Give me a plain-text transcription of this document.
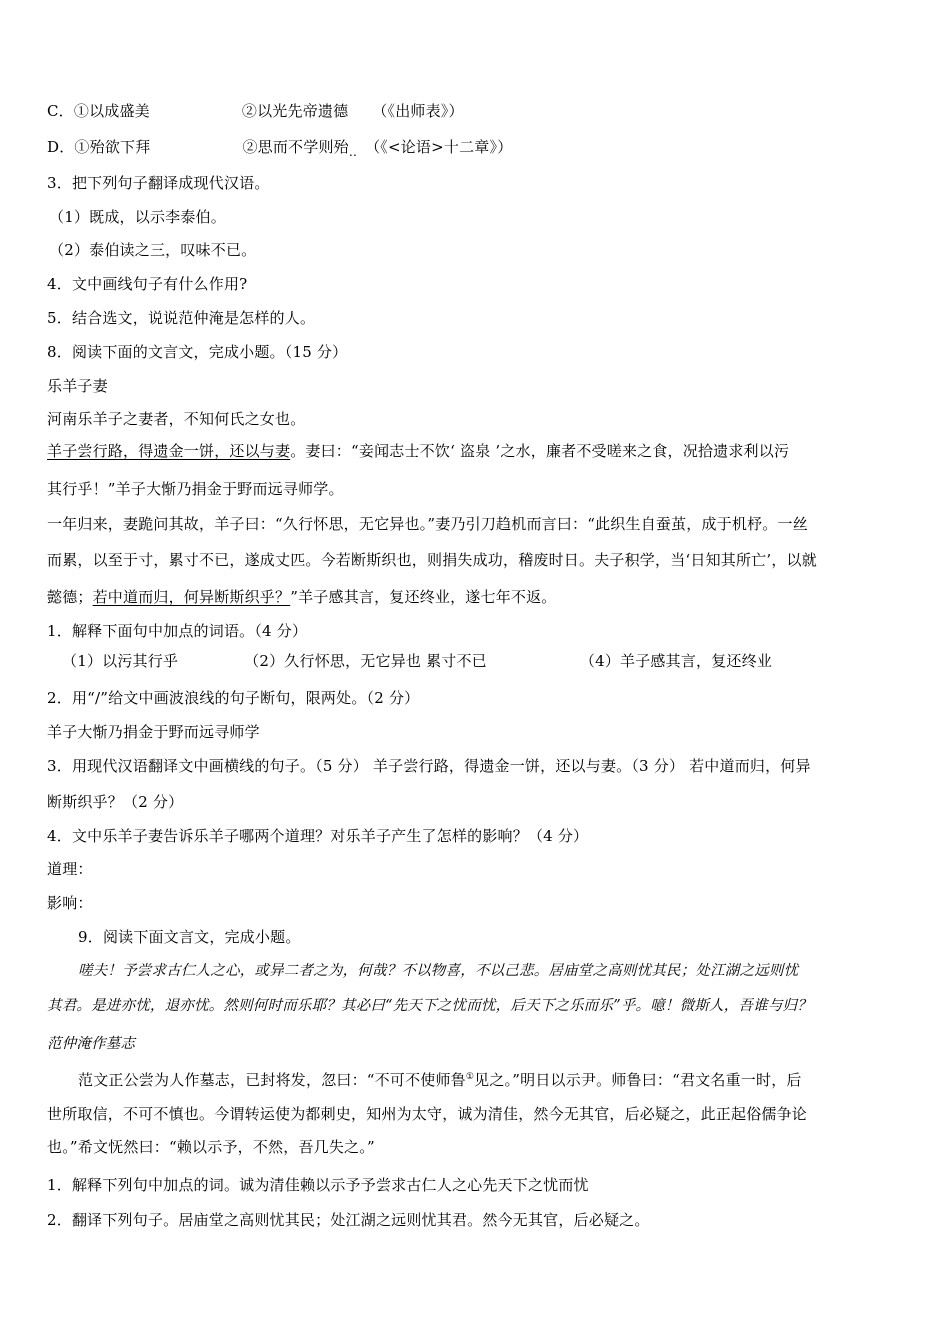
C．①以成盛美	②以光先帝遗德 （《出师表》）
D．①殆欲下拜	②思而不学则殆$_‥$ （《<论语>十二章》）
3．把下列句子翻译成现代汉语。
（1）既成，以示李泰伯。
（2）泰伯读之三，叹味不已。
4．文中画线句子有什么作用?
5．结合选文，说说范仲淹是怎样的人。
8．阅读下面的文言文，完成小题。（15 分）
乐羊子妻
河南乐羊子之妻者，不知何氏之女也。
羊子尝行路，得遗金一饼，还以与妻。妻曰：“妾闻志士不饮‘ 盗泉 ’之水，廉者不受嗟来之食，况拾遗求利以污
其行乎！”羊子大惭乃捐金于野而远寻师学。
一年归来，妻跪问其故，羊子曰：“久行怀思，无它异也。”妻乃引刀趋机而言曰：“此织生自蚕茧，成于机杼。一丝
而累，以至于寸，累寸不已，遂成丈匹。今若断斯织也，则捐失成功，稽废时日。夫子积学，当‘日知其所亡’，以就
懿德；若中道而归，何异断斯织乎？”羊子感其言，复还终业，遂七年不返。
1．解释下面句中加点的词语。（4 分）
（1）以污其行乎	（2）久行怀思，无它异也 累寸不已	（4）羊子感其言，复还终业
2．用“/”给文中画波浪线的句子断句，限两处。（2 分）
羊子大惭乃捐金于野而远寻师学
3．用现代汉语翻译文中画横线的句子。（5 分） 羊子尝行路，得遗金一饼，还以与妻。（3 分） 若中道而归，何异
断斯织乎？（2 分）
4．文中乐羊子妻告诉乐羊子哪两个道理？对乐羊子产生了怎样的影响？（4 分）
道理：
影响：
9．阅读下面文言文，完成小题。
嗟夫！予尝求古仁人之心，或异二者之为，何哉？不以物喜，不以己悲。居庙堂之高则忧其民；处江湖之远则忧
其君。是进亦忧，退亦忧。然则何时而乐耶？其必曰“先天下之忧而忧，后天下之乐而乐”乎。噫！微斯人，吾谁与归？
范仲淹作墓志
范文正公尝为人作墓志，已封将发，忽曰：“不可不使师鲁①见之。”明日以示尹。师鲁曰：“君文名重一时，后
世所取信，不可不慎也。今谓转运使为都刺史，知州为太守，诚为清佳，然今无其官，后必疑之，此正起俗儒争论
也。”希文怃然曰：“赖以示予，不然，吾几失之。”
1．解释下列句中加点的词。诚为清佳赖以示予予尝求古仁人之心先天下之忧而忧
2．翻译下列句子。居庙堂之高则忧其民；处江湖之远则忧其君。然今无其官，后必疑之。
